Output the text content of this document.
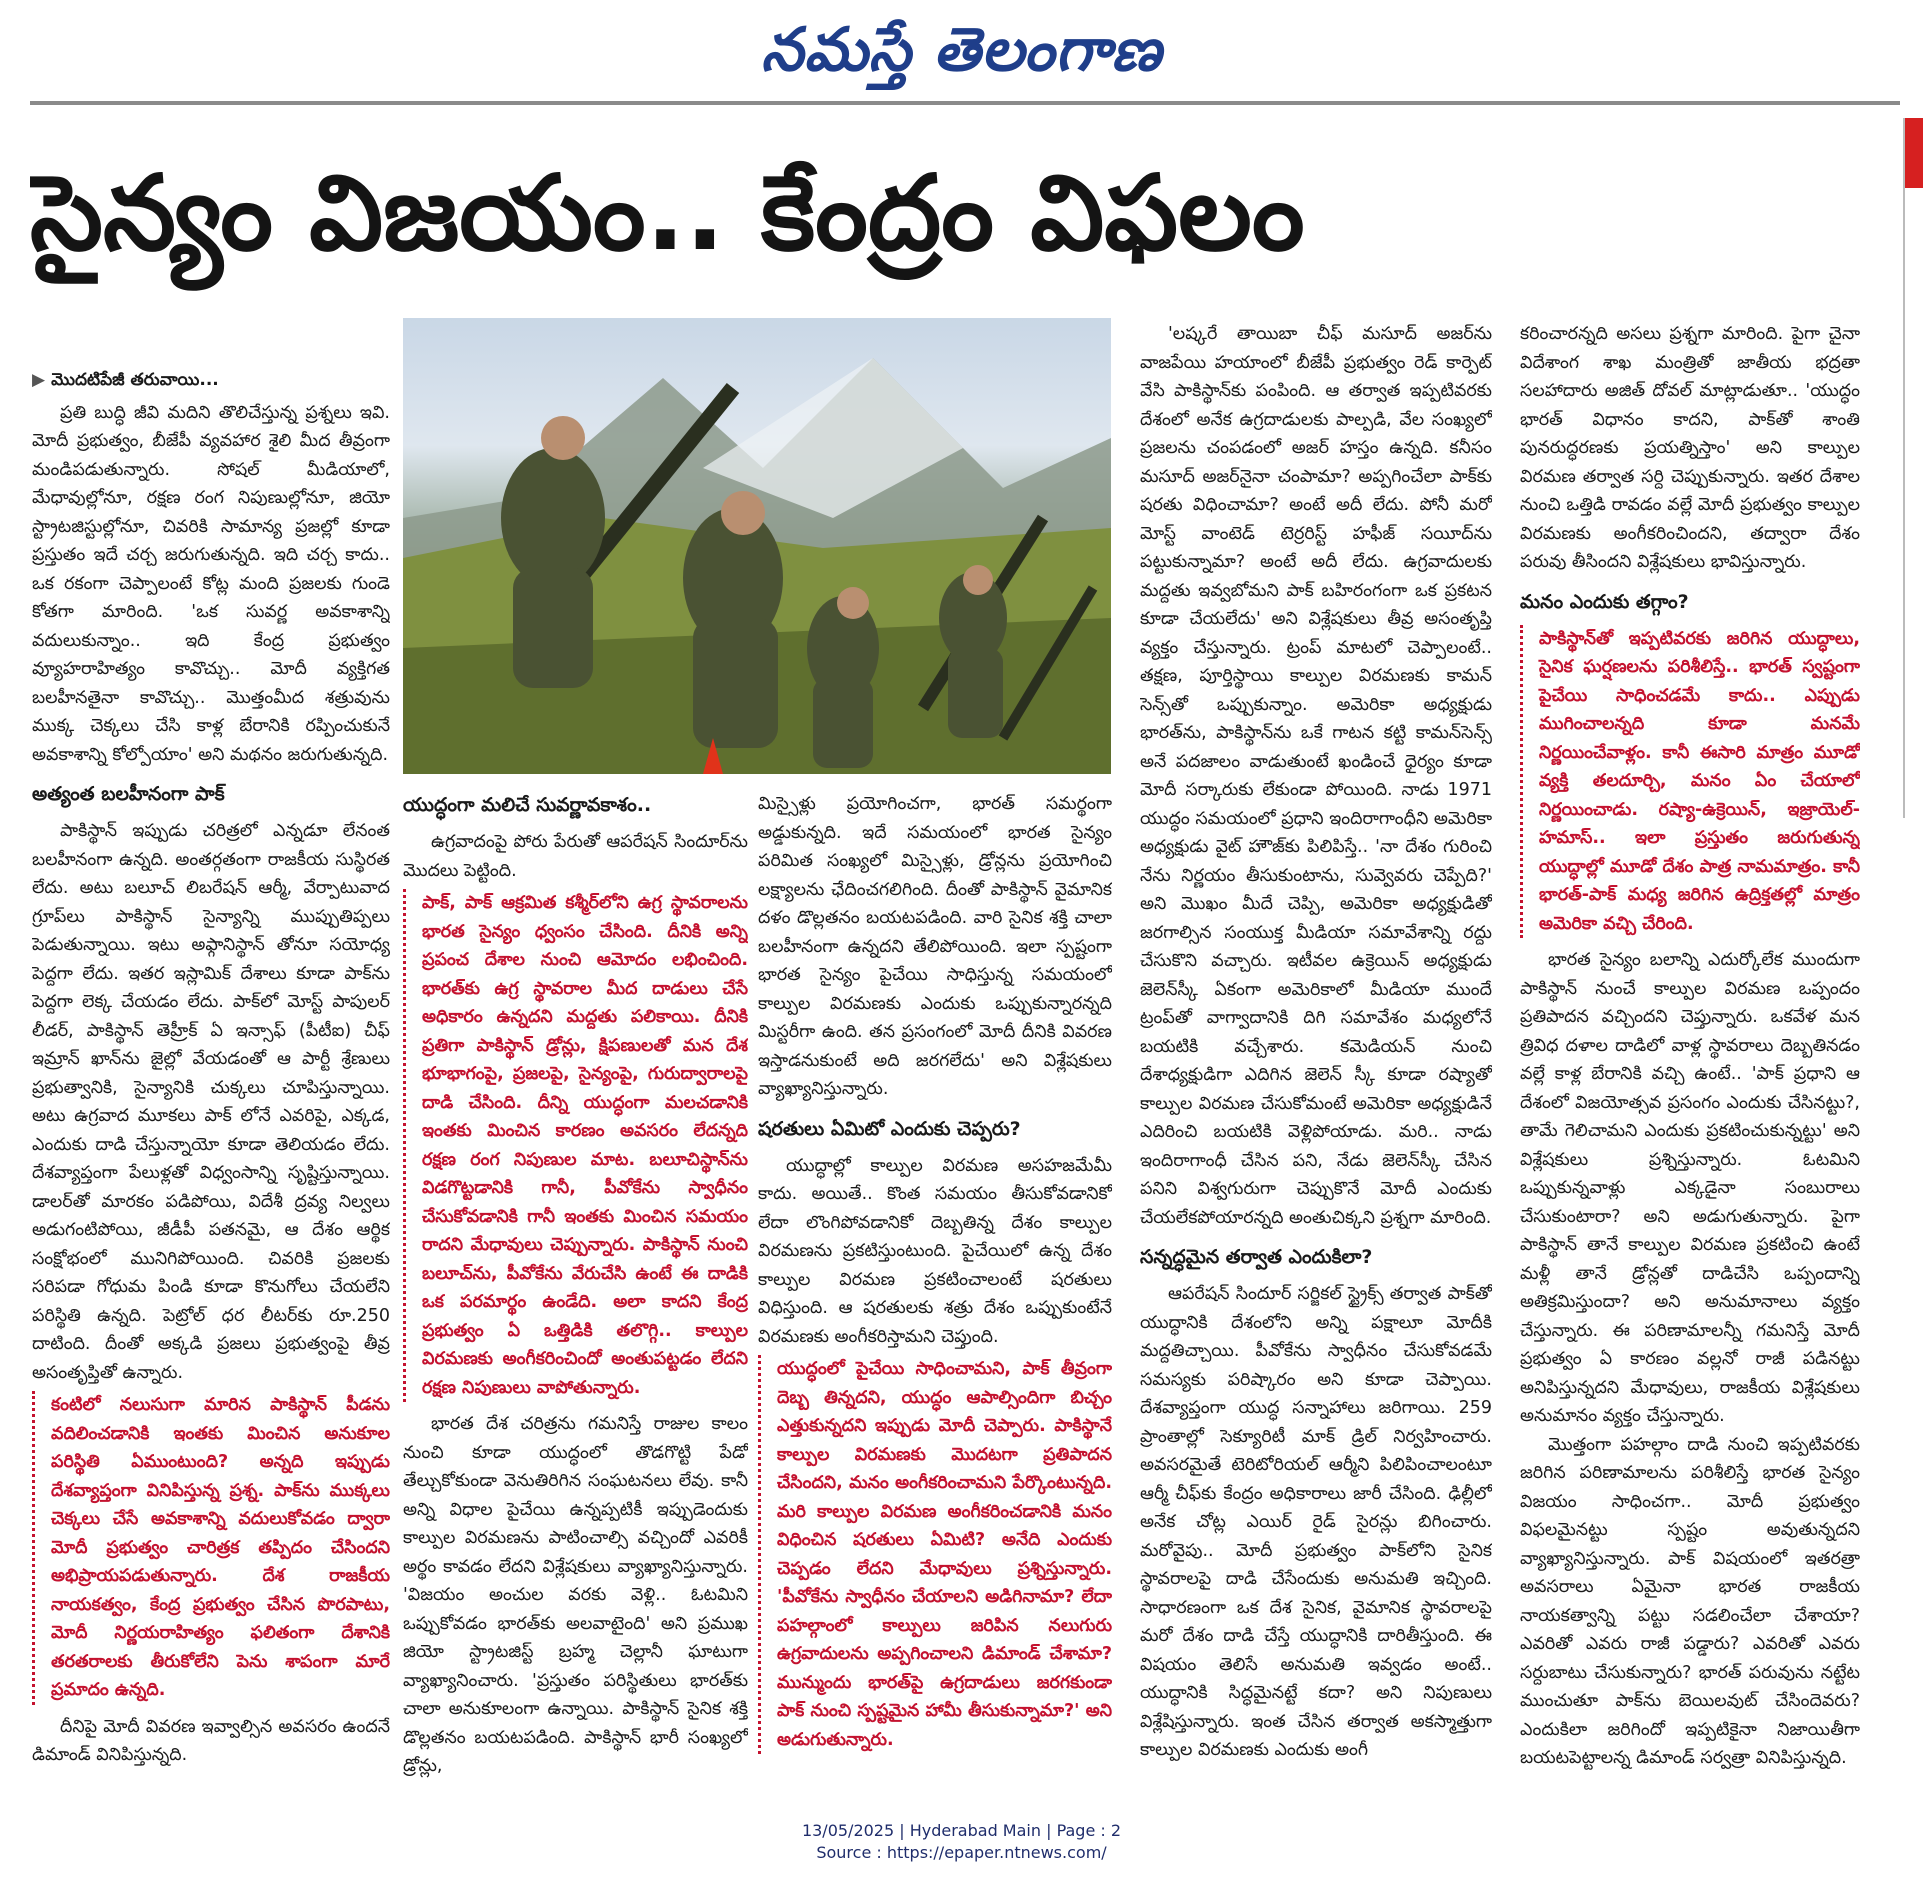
నమస్తే తెలంగాణ
సైన్యం విజయం.. కేంద్రం విఫలం
▶ మొదటిపేజీ తరువాయి...

ప్రతి బుద్ధి జీవి మదిని తొలిచేస్తున్న ప్రశ్నలు ఇవి. మోదీ ప్రభుత్వం, బీజేపీ వ్యవహార శైలి మీద తీవ్రంగా మండిపడుతున్నారు. సోషల్ మీడియాలో, మేధావుల్లోనూ, రక్షణ రంగ నిపుణుల్లోనూ, జియో స్ట్రాటజిస్టుల్లోనూ, చివరికి సామాన్య ప్రజల్లో కూడా ప్రస్తుతం ఇదే చర్చ జరుగుతున్నది. ఇది చర్చ కాదు.. ఒక రకంగా చెప్పాలంటే కోట్ల మంది ప్రజలకు గుండె కోతగా మారింది. 'ఒక సువర్ణ అవకాశాన్ని వదులుకున్నాం.. ఇది కేంద్ర ప్రభుత్వం వ్యూహరాహిత్యం కావొచ్చు.. మోదీ వ్యక్తిగత బలహీనతైనా కావొచ్చు.. మొత్తంమీద శత్రువును ముక్క చెక్కలు చేసి కాళ్ల బేరానికి రప్పించుకునే అవకాశాన్ని కోల్పోయాం' అని మథనం జరుగుతున్నది.

అత్యంత బలహీనంగా పాక్

పాకిస్థాన్ ఇప్పుడు చరిత్రలో ఎన్నడూ లేనంత బలహీనంగా ఉన్నది. అంతర్గతంగా రాజకీయ సుస్థిరత లేదు. అటు బలూచ్ లిబరేషన్ ఆర్మీ, వేర్పాటువాద గ్రూప్‌లు పాకిస్థాన్ సైన్యాన్ని ముప్పుతిప్పలు పెడుతున్నాయి. ఇటు అఫ్గానిస్థాన్ తోనూ సయోధ్య పెద్దగా లేదు. ఇతర ఇస్లామిక్ దేశాలు కూడా పాక్‌ను పెద్దగా లెక్క చేయడం లేదు. పాక్‌లో మోస్ట్ పాపులర్ లీడర్, పాకిస్థాన్ తెహ్రీక్ ఏ ఇన్సాఫ్ (పీటీఐ) చీఫ్ ఇమ్రాన్ ఖాన్‌ను జైల్లో వేయడంతో ఆ పార్టీ శ్రేణులు ప్రభుత్వానికి, సైన్యానికి చుక్కలు చూపిస్తున్నాయి. అటు ఉగ్రవాద మూకలు పాక్ లోనే ఎవరిపై, ఎక్కడ, ఎందుకు దాడి చేస్తున్నాయో కూడా తెలియడం లేదు. దేశవ్యాప్తంగా పేలుళ్లతో విధ్వంసాన్ని సృష్టిస్తున్నాయి. డాలర్‌తో మారకం పడిపోయి, విదేశీ ద్రవ్య నిల్వలు అడుగంటిపోయి, జీడీపీ పతనమై, ఆ దేశం ఆర్థిక సంక్షోభంలో మునిగిపోయింది. చివరికి ప్రజలకు సరిపడా గోధుమ పిండి కూడా కొనుగోలు చేయలేని పరిస్థితి ఉన్నది. పెట్రోల్ ధర లీటర్‌కు రూ.250 దాటింది. దీంతో అక్కడి ప్రజలు ప్రభుత్వంపై తీవ్ర అసంతృప్తితో ఉన్నారు.

కంటిలో నలుసుగా మారిన పాకిస్థాన్ పీడను వదిలించడానికి ఇంతకు మించిన అనుకూల పరిస్థితి ఏముంటుంది? అన్నది ఇప్పుడు దేశవ్యాప్తంగా వినిపిస్తున్న ప్రశ్న. పాక్‌ను ముక్కలు చెక్కలు చేసే అవకాశాన్ని వదులుకోవడం ద్వారా మోదీ ప్రభుత్వం చారిత్రక తప్పిదం చేసిందని అభిప్రాయపడుతున్నారు. దేశ రాజకీయ నాయకత్వం, కేంద్ర ప్రభుత్వం చేసిన పొరపాటు, మోదీ నిర్ణయరాహిత్యం ఫలితంగా దేశానికి తరతరాలకు తీరుకోలేని పెను శాపంగా మారే ప్రమాదం ఉన్నది.

దీనిపై మోదీ వివరణ ఇవ్వాల్సిన అవసరం ఉందనే డిమాండ్ వినిపిస్తున్నది.

యుద్ధంగా మలిచే సువర్ణావకాశం..

ఉగ్రవాదంపై పోరు పేరుతో ఆపరేషన్ సిందూర్‌ను మొదలు పెట్టింది.

పాక్, పాక్ ఆక్రమిత కశ్మీర్‌లోని ఉగ్ర స్థావరాలను భారత సైన్యం ధ్వంసం చేసింది. దీనికి అన్ని ప్రపంచ దేశాల నుంచి ఆమోదం లభించింది. భారత్‌కు ఉగ్ర స్థావరాల మీద దాడులు చేసే అధికారం ఉన్నదని మద్దతు పలికాయి. దీనికి ప్రతిగా పాకిస్థాన్ డ్రోన్లు, క్షిపణులతో మన దేశ భూభాగంపై, ప్రజలపై, సైన్యంపై, గురుద్వారాలపై దాడి చేసింది. దీన్ని యుద్ధంగా మలచడానికి ఇంతకు మించిన కారణం అవసరం లేదన్నది రక్షణ రంగ నిపుణుల మాట. బలూచిస్థాన్‌ను విడగొట్టడానికి గానీ, పీవోకేను స్వాధీనం చేసుకోవడానికి గానీ ఇంతకు మించిన సమయం రాదని మేధావులు చెప్పున్నారు. పాకిస్థాన్ నుంచి బలూచ్‌ను, పీవోకేను వేరుచేసి ఉంటే ఈ దాడికి ఒక పరమార్థం ఉండేది. అలా కాదని కేంద్ర ప్రభుత్వం ఏ ఒత్తిడికి తలొగ్గి.. కాల్పుల విరమణకు అంగీకరించిందో అంతుపట్టడం లేదని రక్షణ నిపుణులు వాపోతున్నారు.

భారత దేశ చరిత్రను గమనిస్తే రాజుల కాలం నుంచి కూడా యుద్ధంలో తొడగొట్టి పేడో తేల్చుకోకుండా వెనుతిరిగిన సంఘటనలు లేవు. కానీ అన్ని విధాల పైచేయి ఉన్నప్పటికీ ఇప్పుడెందుకు కాల్పుల విరమణను పాటించాల్సి వచ్చిందో ఎవరికీ అర్థం కావడం లేదని విశ్లేషకులు వ్యాఖ్యానిస్తున్నారు. 'విజయం అంచుల వరకు వెళ్లి.. ఓటమిని ఒప్పుకోవడం భారత్‌కు అలవాటైంది' అని ప్రముఖ జియో స్ట్రాటజిస్ట్ బ్రహ్మ చెల్లానీ ఘాటుగా వ్యాఖ్యానించారు. 'ప్రస్తుతం పరిస్థితులు భారత్‌కు చాలా అనుకూలంగా ఉన్నాయి. పాకిస్థాన్ సైనిక శక్తి డొల్లతనం బయటపడింది. పాకిస్థాన్ భారీ సంఖ్యలో డ్రోన్లు,

మిస్సైళ్లు ప్రయోగించగా, భారత్ సమర్థంగా అడ్డుకున్నది. ఇదే సమయంలో భారత సైన్యం పరిమిత సంఖ్యలో మిస్సైళ్లు, డ్రోన్లను ప్రయోగించి లక్ష్యాలను ఛేదించగలిగింది. దీంతో పాకిస్థాన్ వైమానిక దళం డొల్లతనం బయటపడింది. వారి సైనిక శక్తి చాలా బలహీనంగా ఉన్నదని తేలిపోయింది. ఇలా స్పష్టంగా భారత సైన్యం పైచేయి సాధిస్తున్న సమయంలో కాల్పుల విరమణకు ఎందుకు ఒప్పుకున్నారన్నది మిస్టరీగా ఉంది. తన ప్రసంగంలో మోదీ దీనికి వివరణ ఇస్తాడనుకుంటే అది జరగలేదు' అని విశ్లేషకులు వ్యాఖ్యానిస్తున్నారు.

షరతులు ఏమిటో ఎందుకు చెప్పరు?

యుద్ధాల్లో కాల్పుల విరమణ అసహజమేమీ కాదు. అయితే.. కొంత సమయం తీసుకోవడానికో లేదా లొంగిపోవడానికో దెబ్బతిన్న దేశం కాల్పుల విరమణను ప్రకటిస్తుంటుంది. పైచేయిలో ఉన్న దేశం కాల్పుల విరమణ ప్రకటించాలంటే షరతులు విధిస్తుంది. ఆ షరతులకు శత్రు దేశం ఒప్పుకుంటేనే విరమణకు అంగీకరిస్తామని చెప్తుంది.

యుద్ధంలో పైచేయి సాధించామని, పాక్ తీవ్రంగా దెబ్బ తిన్నదని, యుద్ధం ఆపాల్సిందిగా బిచ్చం ఎత్తుకున్నదని ఇప్పుడు మోదీ చెప్పారు. పాకిస్థానే కాల్పుల విరమణకు మొదటగా ప్రతిపాదన చేసిందని, మనం అంగీకరించామని పేర్కొంటున్నది. మరి కాల్పుల విరమణ అంగీకరించడానికి మనం విధించిన షరతులు ఏమిటి? అనేది ఎందుకు చెప్పడం లేదని మేధావులు ప్రశ్నిస్తున్నారు. 'పీవోకేను స్వాధీనం చేయాలని అడిగినామా? లేదా పహల్గాంలో కాల్పులు జరిపిన నలుగురు ఉగ్రవాదులను అప్పగించాలని డిమాండ్ చేశామా? మున్ముందు భారత్‌పై ఉగ్రదాడులు జరగకుండా పాక్ నుంచి స్పష్టమైన హామీ తీసుకున్నామా?' అని అడుగుతున్నారు.

'లష్కరే తాయిబా చీఫ్ మసూద్ అజర్‌ను వాజపేయి హయాంలో బీజేపీ ప్రభుత్వం రెడ్ కార్పెట్ వేసి పాకిస్థాన్‌కు పంపింది. ఆ తర్వాత ఇప్పటివరకు దేశంలో అనేక ఉగ్రదాడులకు పాల్పడి, వేల సంఖ్యలో ప్రజలను చంపడంలో అజర్ హస్తం ఉన్నది. కనీసం మసూద్ అజర్‌నైనా చంపామా? అప్పగించేలా పాక్‌కు షరతు విధించామా? అంటే అదీ లేదు. పోనీ మరో మోస్ట్ వాంటెడ్ టెర్రరిస్ట్ హఫీజ్ సయీద్‌ను పట్టుకున్నామా? అంటే అదీ లేదు. ఉగ్రవాదులకు మద్దతు ఇవ్వబోమని పాక్ బహిరంగంగా ఒక ప్రకటన కూడా చేయలేదు' అని విశ్లేషకులు తీవ్ర అసంతృప్తి వ్యక్తం చేస్తున్నారు. ట్రంప్ మాటలో చెప్పాలంటే.. తక్షణ, పూర్తిస్థాయి కాల్పుల విరమణకు కామన్ సెన్స్‌తో ఒప్పుకున్నాం. అమెరికా అధ్యక్షుడు భారత్‌ను, పాకిస్థాన్‌ను ఒకే గాటన కట్టి కామన్‌సెన్స్ అనే పదజాలం వాడుతుంటే ఖండించే ధైర్యం కూడా మోదీ సర్కారుకు లేకుండా పోయింది. నాడు 1971 యుద్ధం సమయంలో ప్రధాని ఇందిరాగాంధీని అమెరికా అధ్యక్షుడు వైట్ హౌజ్‌కు పిలిపిస్తే.. 'నా దేశం గురించి నేను నిర్ణయం తీసుకుంటాను, సువ్వెవరు చెప్పేది?' అని మొఖం మీదే చెప్పి, అమెరికా అధ్యక్షుడితో జరగాల్సిన సంయుక్త మీడియా సమావేశాన్ని రద్దు చేసుకొని వచ్చారు. ఇటీవల ఉక్రెయిన్ అధ్యక్షుడు జెలెన్‌స్కీ ఏకంగా అమెరికాలో మీడియా ముందే ట్రంప్‌తో వాగ్వాదానికి దిగి సమావేశం మధ్యలోనే బయటికి వచ్చేశారు. కమెడియన్ నుంచి దేశాధ్యక్షుడిగా ఎదిగిన జెలెన్ స్కీ కూడా రష్యాతో కాల్పుల విరమణ చేసుకోమంటే అమెరికా అధ్యక్షుడినే ఎదిరించి బయటికి వెళ్లిపోయాడు. మరి.. నాడు ఇందిరాగాంధీ చేసిన పని, నేడు జెలెన్‌స్కీ చేసిన పనిని విశ్వగురుగా చెప్పుకొనే మోదీ ఎందుకు చేయలేకపోయారన్నది అంతుచిక్కని ప్రశ్నగా మారింది.

సన్నద్ధమైన తర్వాత ఎందుకిలా?

ఆపరేషన్ సిందూర్ సర్జికల్ స్ట్రైక్స్ తర్వాత పాక్‌తో యుద్ధానికి దేశంలోని అన్ని పక్షాలూ మోదీకి మద్దతిచ్చాయి. పీవోకేను స్వాధీనం చేసుకోవడమే సమస్యకు పరిష్కారం అని కూడా చెప్పాయి. దేశవ్యాప్తంగా యుద్ధ సన్నాహాలు జరిగాయి. 259 ప్రాంతాల్లో సెక్యూరిటీ మాక్ డ్రిల్ నిర్వహించారు. అవసరమైతే టెరిటోరియల్ ఆర్మీని పిలిపించాలంటూ ఆర్మీ చీఫ్‌కు కేంద్రం అధికారాలు జారీ చేసింది. ఢిల్లీలో అనేక చోట్ల ఎయిర్ రైడ్ సైరన్లు బిగించారు. మరోవైపు.. మోదీ ప్రభుత్వం పాక్‌లోని సైనిక స్థావరాలపై దాడి చేసేందుకు అనుమతి ఇచ్చింది. సాధారణంగా ఒక దేశ సైనిక, వైమానిక స్థావరాలపై మరో దేశం దాడి చేస్తే యుద్ధానికి దారితీస్తుంది. ఈ విషయం తెలిసే అనుమతి ఇవ్వడం అంటే.. యుద్ధానికి సిద్ధమైనట్టే కదా? అని నిపుణులు విశ్లేషిస్తున్నారు. ఇంత చేసిన తర్వాత అకస్మాత్తుగా కాల్పుల విరమణకు ఎందుకు అంగీ

కరించారన్నది అసలు ప్రశ్నగా మారింది. పైగా చైనా విదేశాంగ శాఖ మంత్రితో జాతీయ భద్రతా సలహాదారు అజిత్ దోవల్ మాట్లాడుతూ.. 'యుద్ధం భారత్ విధానం కాదని, పాక్‌తో శాంతి పునరుద్ధరణకు ప్రయత్నిస్తాం' అని కాల్పుల విరమణ తర్వాత సర్ది చెప్పుకున్నారు. ఇతర దేశాల నుంచి ఒత్తిడి రావడం వల్లే మోదీ ప్రభుత్వం కాల్పుల విరమణకు అంగీకరించిందని, తద్వారా దేశం పరువు తీసిందని విశ్లేషకులు భావిస్తున్నారు.

మనం ఎందుకు తగ్గాం?

పాకిస్థాన్‌తో ఇప్పటివరకు జరిగిన యుద్ధాలు, సైనిక ఘర్షణలను పరిశీలిస్తే.. భారత్ స్వష్టంగా పైచేయి సాధించడమే కాదు.. ఎప్పుడు ముగించాలన్నది కూడా మనమే నిర్ణయించేవాళ్లం. కానీ ఈసారి మాత్రం మూడో వ్యక్తి తలదూర్చి, మనం ఏం చేయాలో నిర్ణయించాడు. రష్యా-ఉక్రెయిన్, ఇజ్రాయెల్-హమాస్.. ఇలా ప్రస్తుతం జరుగుతున్న యుద్ధాల్లో మూడో దేశం పాత్ర నామమాత్రం. కానీ భారత్-పాక్ మధ్య జరిగిన ఉద్రిక్తతల్లో మాత్రం అమెరికా వచ్చి చేరింది.

భారత సైన్యం బలాన్ని ఎదుర్కోలేక ముందుగా పాకిస్థాన్ నుంచే కాల్పుల విరమణ ఒప్పందం ప్రతిపాదన వచ్చిందని చెప్తున్నారు. ఒకవేళ మన త్రివిధ దళాల దాడిలో వాళ్ల స్థావరాలు దెబ్బతినడం వల్లే కాళ్ల బేరానికి వచ్చి ఉంటే.. 'పాక్ ప్రధాని ఆ దేశంలో విజయోత్సవ ప్రసంగం ఎందుకు చేసినట్టు?, తామే గెలిచామని ఎందుకు ప్రకటించుకున్నట్టు' అని విశ్లేషకులు ప్రశ్నిస్తున్నారు. ఓటమిని ఒప్పుకున్నవాళ్లు ఎక్కడైనా సంబురాలు చేసుకుంటారా? అని అడుగుతున్నారు. పైగా పాకిస్థాన్ తానే కాల్పుల విరమణ ప్రకటించి ఉంటే మళ్లీ తానే డ్రోన్లతో దాడిచేసి ఒప్పందాన్ని అతిక్రమిస్తుందా? అని అనుమానాలు వ్యక్తం చేస్తున్నారు. ఈ పరిణామాలన్నీ గమనిస్తే మోదీ ప్రభుత్వం ఏ కారణం వల్లనో రాజీ పడినట్టు అనిపిస్తున్నదని మేధావులు, రాజకీయ విశ్లేషకులు అనుమానం వ్యక్తం చేస్తున్నారు.

మొత్తంగా పహల్గాం దాడి నుంచి ఇప్పటివరకు జరిగిన పరిణామాలను పరిశీలిస్తే భారత సైన్యం విజయం సాధించగా.. మోదీ ప్రభుత్వం విఫలమైనట్టు స్పష్టం అవుతున్నదని వ్యాఖ్యానిస్తున్నారు. పాక్ విషయంలో ఇతరత్రా అవసరాలు ఏమైనా భారత రాజకీయ నాయకత్వాన్ని పట్టు సడలించేలా చేశాయా? ఎవరితో ఎవరు రాజీ పడ్డారు? ఎవరితో ఎవరు సర్దుబాటు చేసుకున్నారు? భారత్ పరువును నట్టేట ముంచుతూ పాక్‌ను బెయిలవుట్ చేసిందెవరు? ఎందుకిలా జరిగిందో ఇప్పటికైనా నిజాయితీగా బయటపెట్టాలన్న డిమాండ్ సర్వత్రా వినిపిస్తున్నది.

13/05/2025 | Hyderabad Main | Page : 2
Source : https://epaper.ntnews.com/
